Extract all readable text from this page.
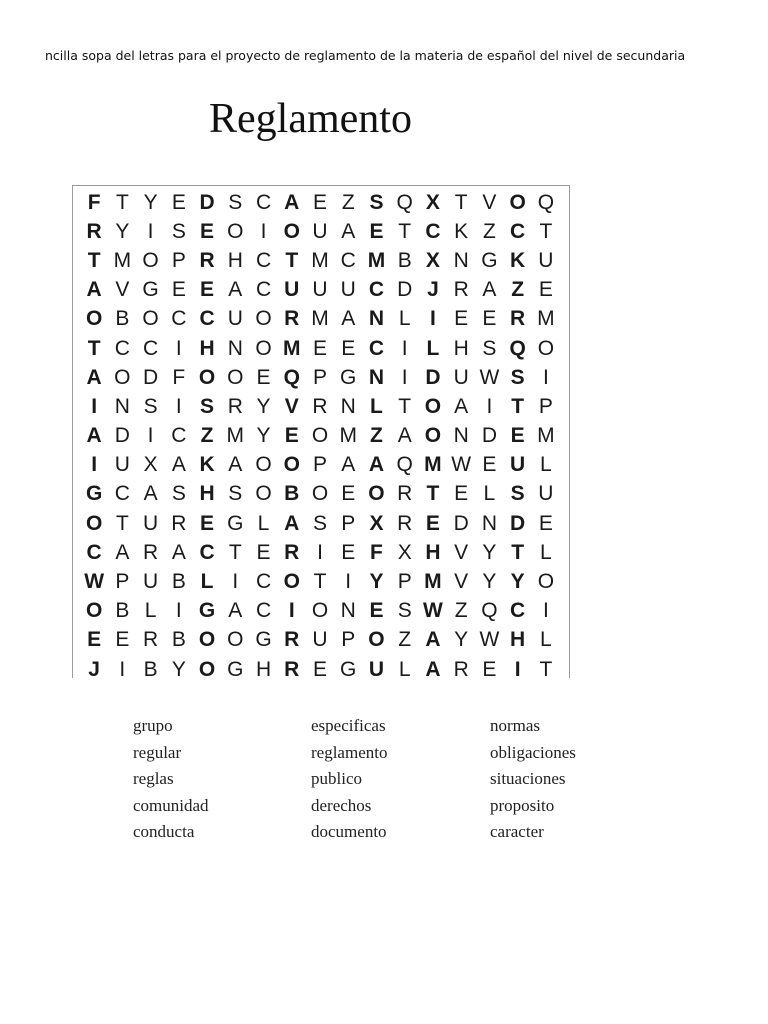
ncilla sopa del letras para el proyecto de reglamento de la materia de español del nivel de secundaria
Reglamento
F T Y E D S C A E Z S Q X T V O Q
R Y I S E O I O U A E T C K Z C T
T M O P R H C T M C M B X N G K U
A V G E E A C U U U C D J R A Z E
O B O C C U O R M A N L I E E R M
T C C I H N O M E E C I L H S Q O
A O D F O O E Q P G N I D U W S I
I N S I S R Y V R N L T O A I T P
A D I C Z M Y E O M Z A O N D E M
I U X A K A O O P A A Q M W E U L
G C A S H S O B O E O R T E L S U
O T U R E G L A S P X R E D N D E
C A R A C T E R I E F X H V Y T L
W P U B L I C O T I Y P M V Y Y O
O B L I G A C I O N E S W Z Q C I
E E R B O O G R U P O Z A Y W H L
J I B Y O G H R E G U L A R E I T
grupo
regular
reglas
comunidad
conducta
especificas
reglamento
publico
derechos
documento
normas
obligaciones
situaciones
proposito
caracter
